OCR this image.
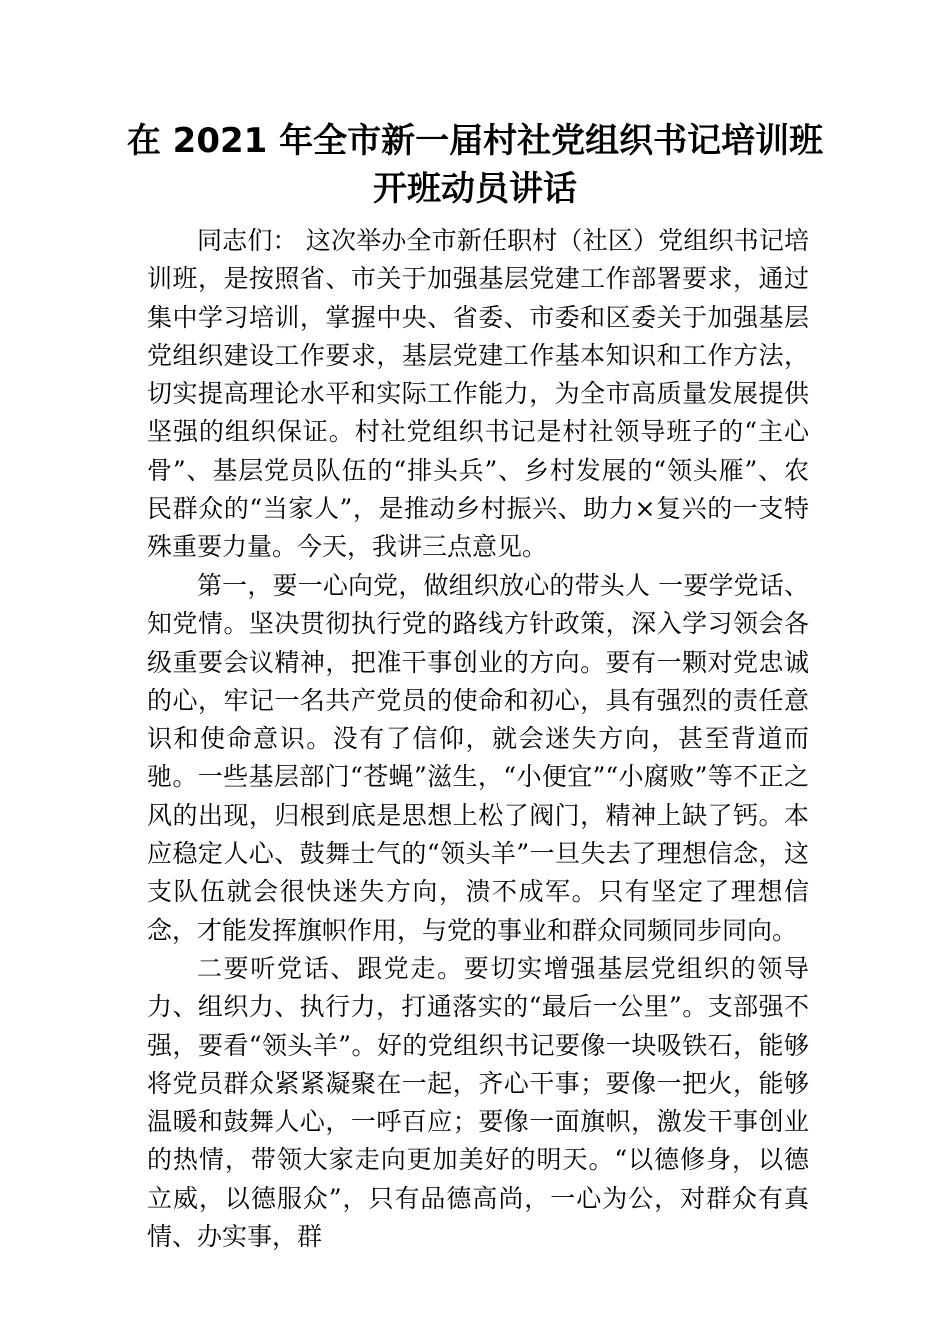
在 2021 年全市新一届村社党组织书记培训班
开班动员讲话

同志们： 这次举办全市新任职村（社区）党组织书记培训班，是按照省、市关于加强基层党建工作部署要求，通过集中学习培训，掌握中央、省委、市委和区委关于加强基层党组织建设工作要求，基层党建工作基本知识和工作方法，切实提高理论水平和实际工作能力，为全市高质量发展提供坚强的组织保证。村社党组织书记是村社领导班子的“主心骨”、基层党员队伍的“排头兵”、乡村发展的“领头雁”、农民群众的“当家人”，是推动乡村振兴、助力×复兴的一支特殊重要力量。今天，我讲三点意见。

第一，要一心向党，做组织放心的带头人 一要学党话、知党情。坚决贯彻执行党的路线方针政策，深入学习领会各级重要会议精神，把准干事创业的方向。要有一颗对党忠诚的心，牢记一名共产党员的使命和初心，具有强烈的责任意识和使命意识。没有了信仰，就会迷失方向，甚至背道而驰。一些基层部门“苍蝇”滋生，“小便宜”“小腐败”等不正之风的出现，归根到底是思想上松了阀门，精神上缺了钙。本应稳定人心、鼓舞士气的“领头羊”一旦失去了理想信念，这支队伍就会很快迷失方向，溃不成军。只有坚定了理想信念，才能发挥旗帜作用，与党的事业和群众同频同步同向。

二要听党话、跟党走。要切实增强基层党组织的领导力、组织力、执行力，打通落实的“最后一公里”。支部强不强，要看“领头羊”。好的党组织书记要像一块吸铁石，能够将党员群众紧紧凝聚在一起，齐心干事；要像一把火，能够温暖和鼓舞人心，一呼百应；要像一面旗帜，激发干事创业的热情，带领大家走向更加美好的明天。“以德修身，以德立威，以德服众”，只有品德高尚，一心为公，对群众有真情、办实事，群
